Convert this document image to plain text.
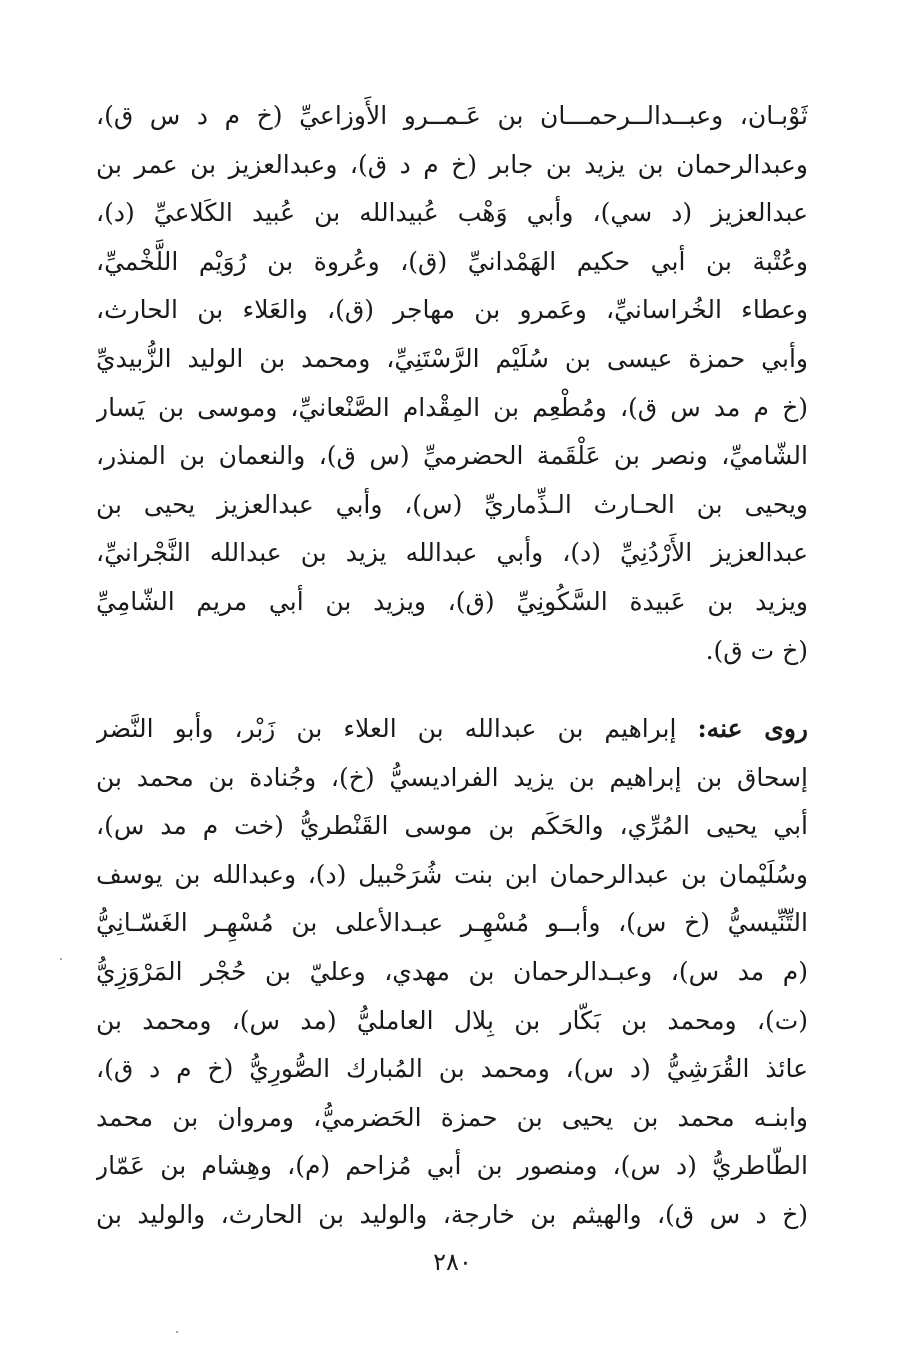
ثَوْبـان، وعبــدالــرحمـــان بن عَـمــرو الأَوزاعيِّ (خ م د س ق)،
وعبدالرحمان بن يزيد بن جابر (خ م د ق)، وعبدالعزيز بن عمر بن
عبدالعزيز (د سي)، وأبي وَهْب عُبيدالله بن عُبيد الكَلاعيِّ (د)،
وعُتْبة بن أبي حكيم الهَمْدانيِّ (ق)، وعُروة بن رُوَيْم اللَّخْميِّ،
وعطاء الخُراسانيِّ، وعَمرو بن مهاجر (ق)، والعَلاء بن الحارث،
وأبي حمزة عيسى بن سُلَيْم الرَّسْتَنِيِّ، ومحمد بن الوليد الزُّبيديِّ
(خ م مد س ق)، ومُطْعِم بن المِقْدام الصَّنْعانيِّ، وموسى بن يَسار
الشّاميِّ، ونصر بن عَلْقَمة الحضرميِّ (س ق)، والنعمان بن المنذر،
ويحيى بن الحـارث الـذِّماريِّ (س)، وأبي عبدالعزيز يحيى بن
عبدالعزيز الأَرْدُنِيِّ (د)، وأبي عبدالله يزيد بن عبدالله النَّجْرانيِّ،
ويزيد بن عَبيدة السَّكُونِيِّ (ق)، ويزيد بن أبي مريم الشّامِيِّ
(خ ت ق).
روى عنه: إبراهيم بن عبدالله بن العلاء بن زَبْر، وأبو النَّضر
إسحاق بن إبراهيم بن يزيد الفراديسيُّ (خ)، وجُنادة بن محمد بن
أبي يحيى المُرِّي، والحَكَم بن موسى القَنْطريُّ (خت م مد س)،
وسُلَيْمان بن عبدالرحمان ابن بنت شُرَحْبيل (د)، وعبدالله بن يوسف
التِّنِّيسيُّ (خ س)، وأبــو مُسْهِـر عبـدالأعلى بن مُسْهِـر الغَسّـانِيُّ
(م مد س)، وعبـدالرحمان بن مهدي، وعليّ بن حُجْر المَرْوَزِيُّ
(ت)، ومحمد بن بَكّار بن بِلال العامليُّ (مد س)، ومحمد بن
عائذ القُرَشِيُّ (د س)، ومحمد بن المُبارك الصُّورِيُّ (خ م د ق)،
وابنـه محمد بن يحيى بن حمزة الحَضرميُّ، ومروان بن محمد
الطّاطريُّ (د س)، ومنصور بن أبي مُزاحم (م)، وهِشام بن عَمّار
(خ د س ق)، والهيثم بن خارجة، والوليد بن الحارث، والوليد بن
٢٨٠
